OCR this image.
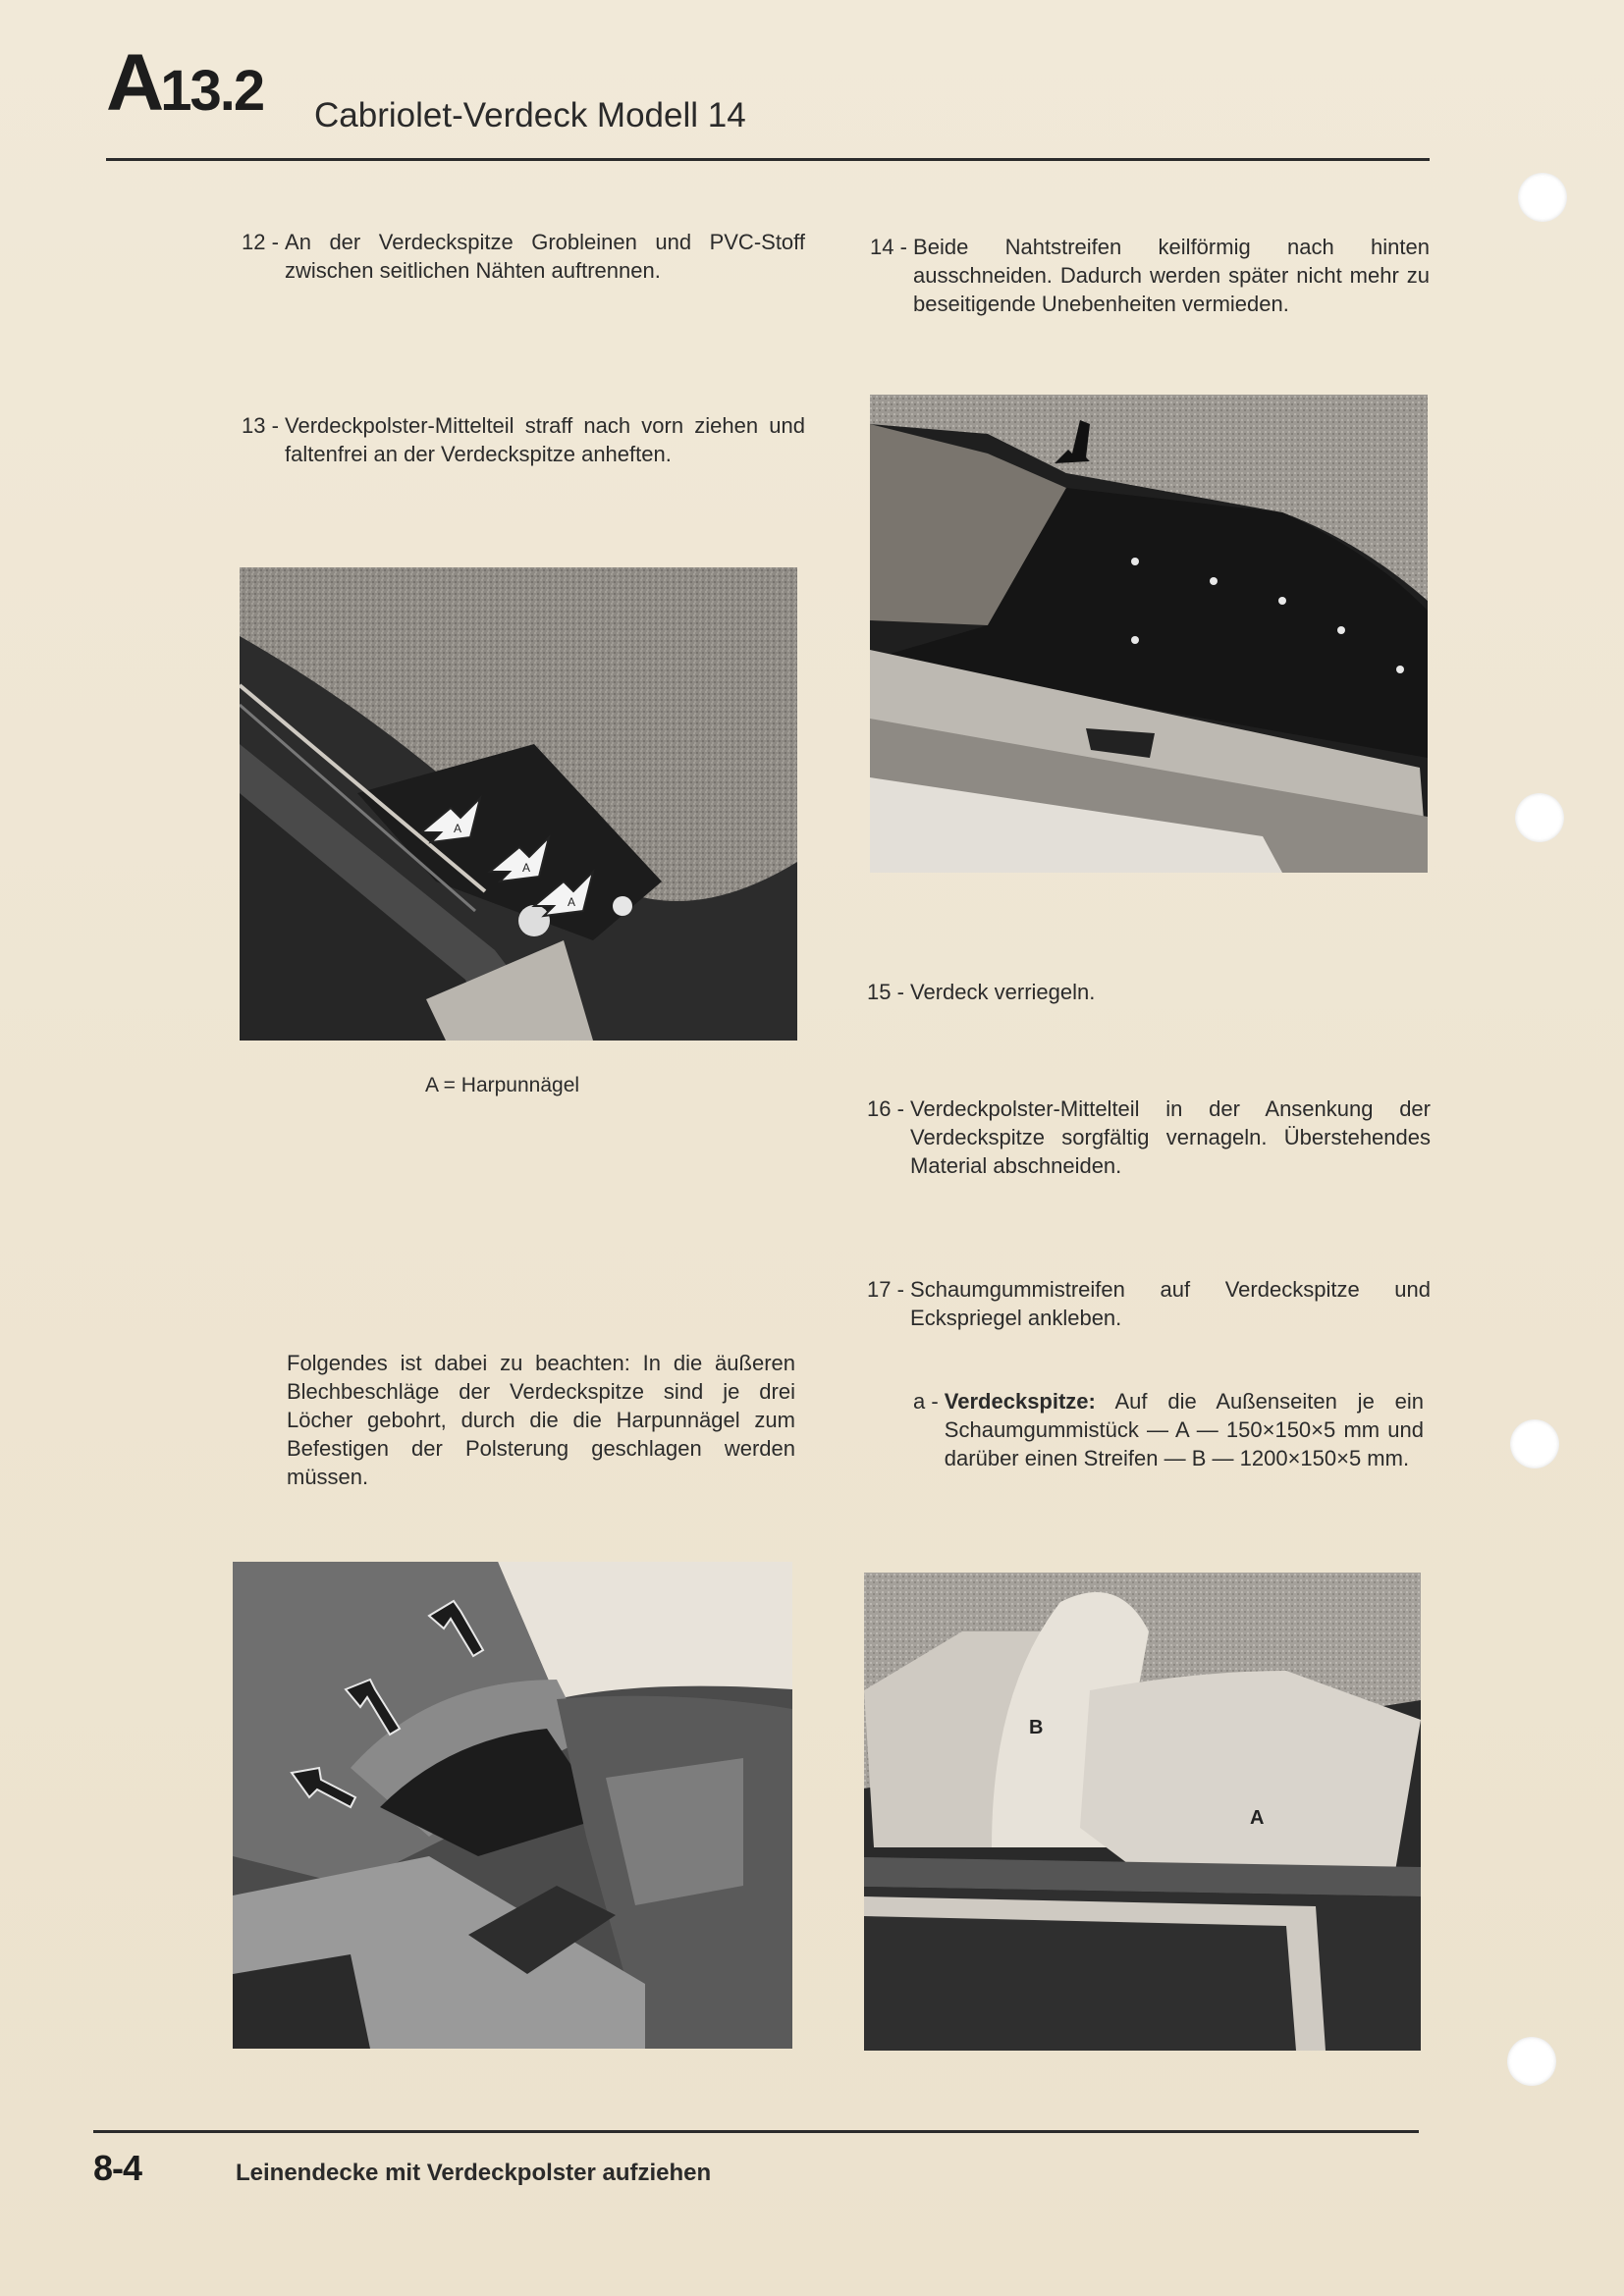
A13.2 Cabriolet-Verdeck Modell 14
12 - An der Verdeckspitze Grobleinen und PVC-Stoff zwischen seitlichen Nähten auftrennen.
13 - Verdeckpolster-Mittelteil straff nach vorn ziehen und faltenfrei an der Verdeckspitze anheften.
14 - Beide Nahtstreifen keilförmig nach hinten ausschneiden. Dadurch werden später nicht mehr zu beseitigende Unebenheiten vermieden.
A
A
A
A = Harpunnägel
15 - Verdeck verriegeln.
16 - Verdeckpolster-Mittelteil in der Ansenkung der Verdeckspitze sorgfältig vernageln. Überstehendes Material abschneiden.
17 - Schaumgummistreifen auf Verdeckspitze und Eckspriegel ankleben.
a - Verdeckspitze: Auf die Außenseiten je ein Schaumgummistück — A — 150×150×5 mm und darüber einen Streifen — B — 1200×150×5 mm.
Folgendes ist dabei zu beachten: In die äußeren Blechbeschläge der Verdeckspitze sind je drei Löcher gebohrt, durch die die Harpunnägel zum Befestigen der Polsterung geschlagen werden müssen.
B
A
8-4	Leinendecke mit Verdeckpolster aufziehen
